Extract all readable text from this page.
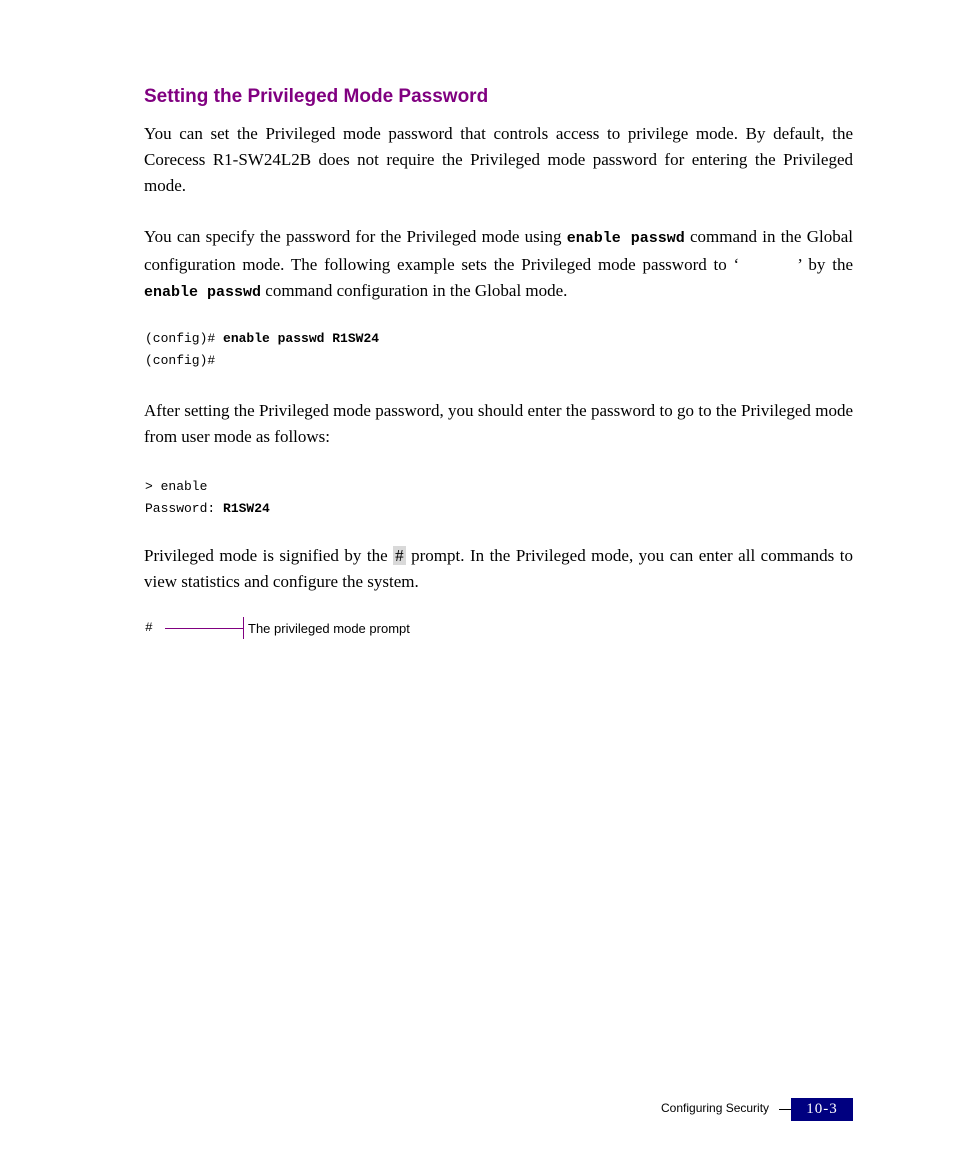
Setting the Privileged Mode Password

You can set the Privileged mode password that controls access to privilege mode. By default, the Corecess R1-SW24L2B does not require the Privileged mode password for entering the Privileged mode.

You can specify the password for the Privileged mode using enable passwd command in the Global configuration mode. The following example sets the Privileged mode password to ‘	’ by the enable passwd command configuration in the Global mode.

(config)# enable passwd R1SW24
(config)#

After setting the Privileged mode password, you should enter the password to go to the Privileged mode from user mode as follows:

> enable
Password: R1SW24

Privileged mode is signified by the # prompt. In the Privileged mode, you can enter all commands to view statistics and configure the system.

#	The privileged mode prompt
Configuring Security	10-3
